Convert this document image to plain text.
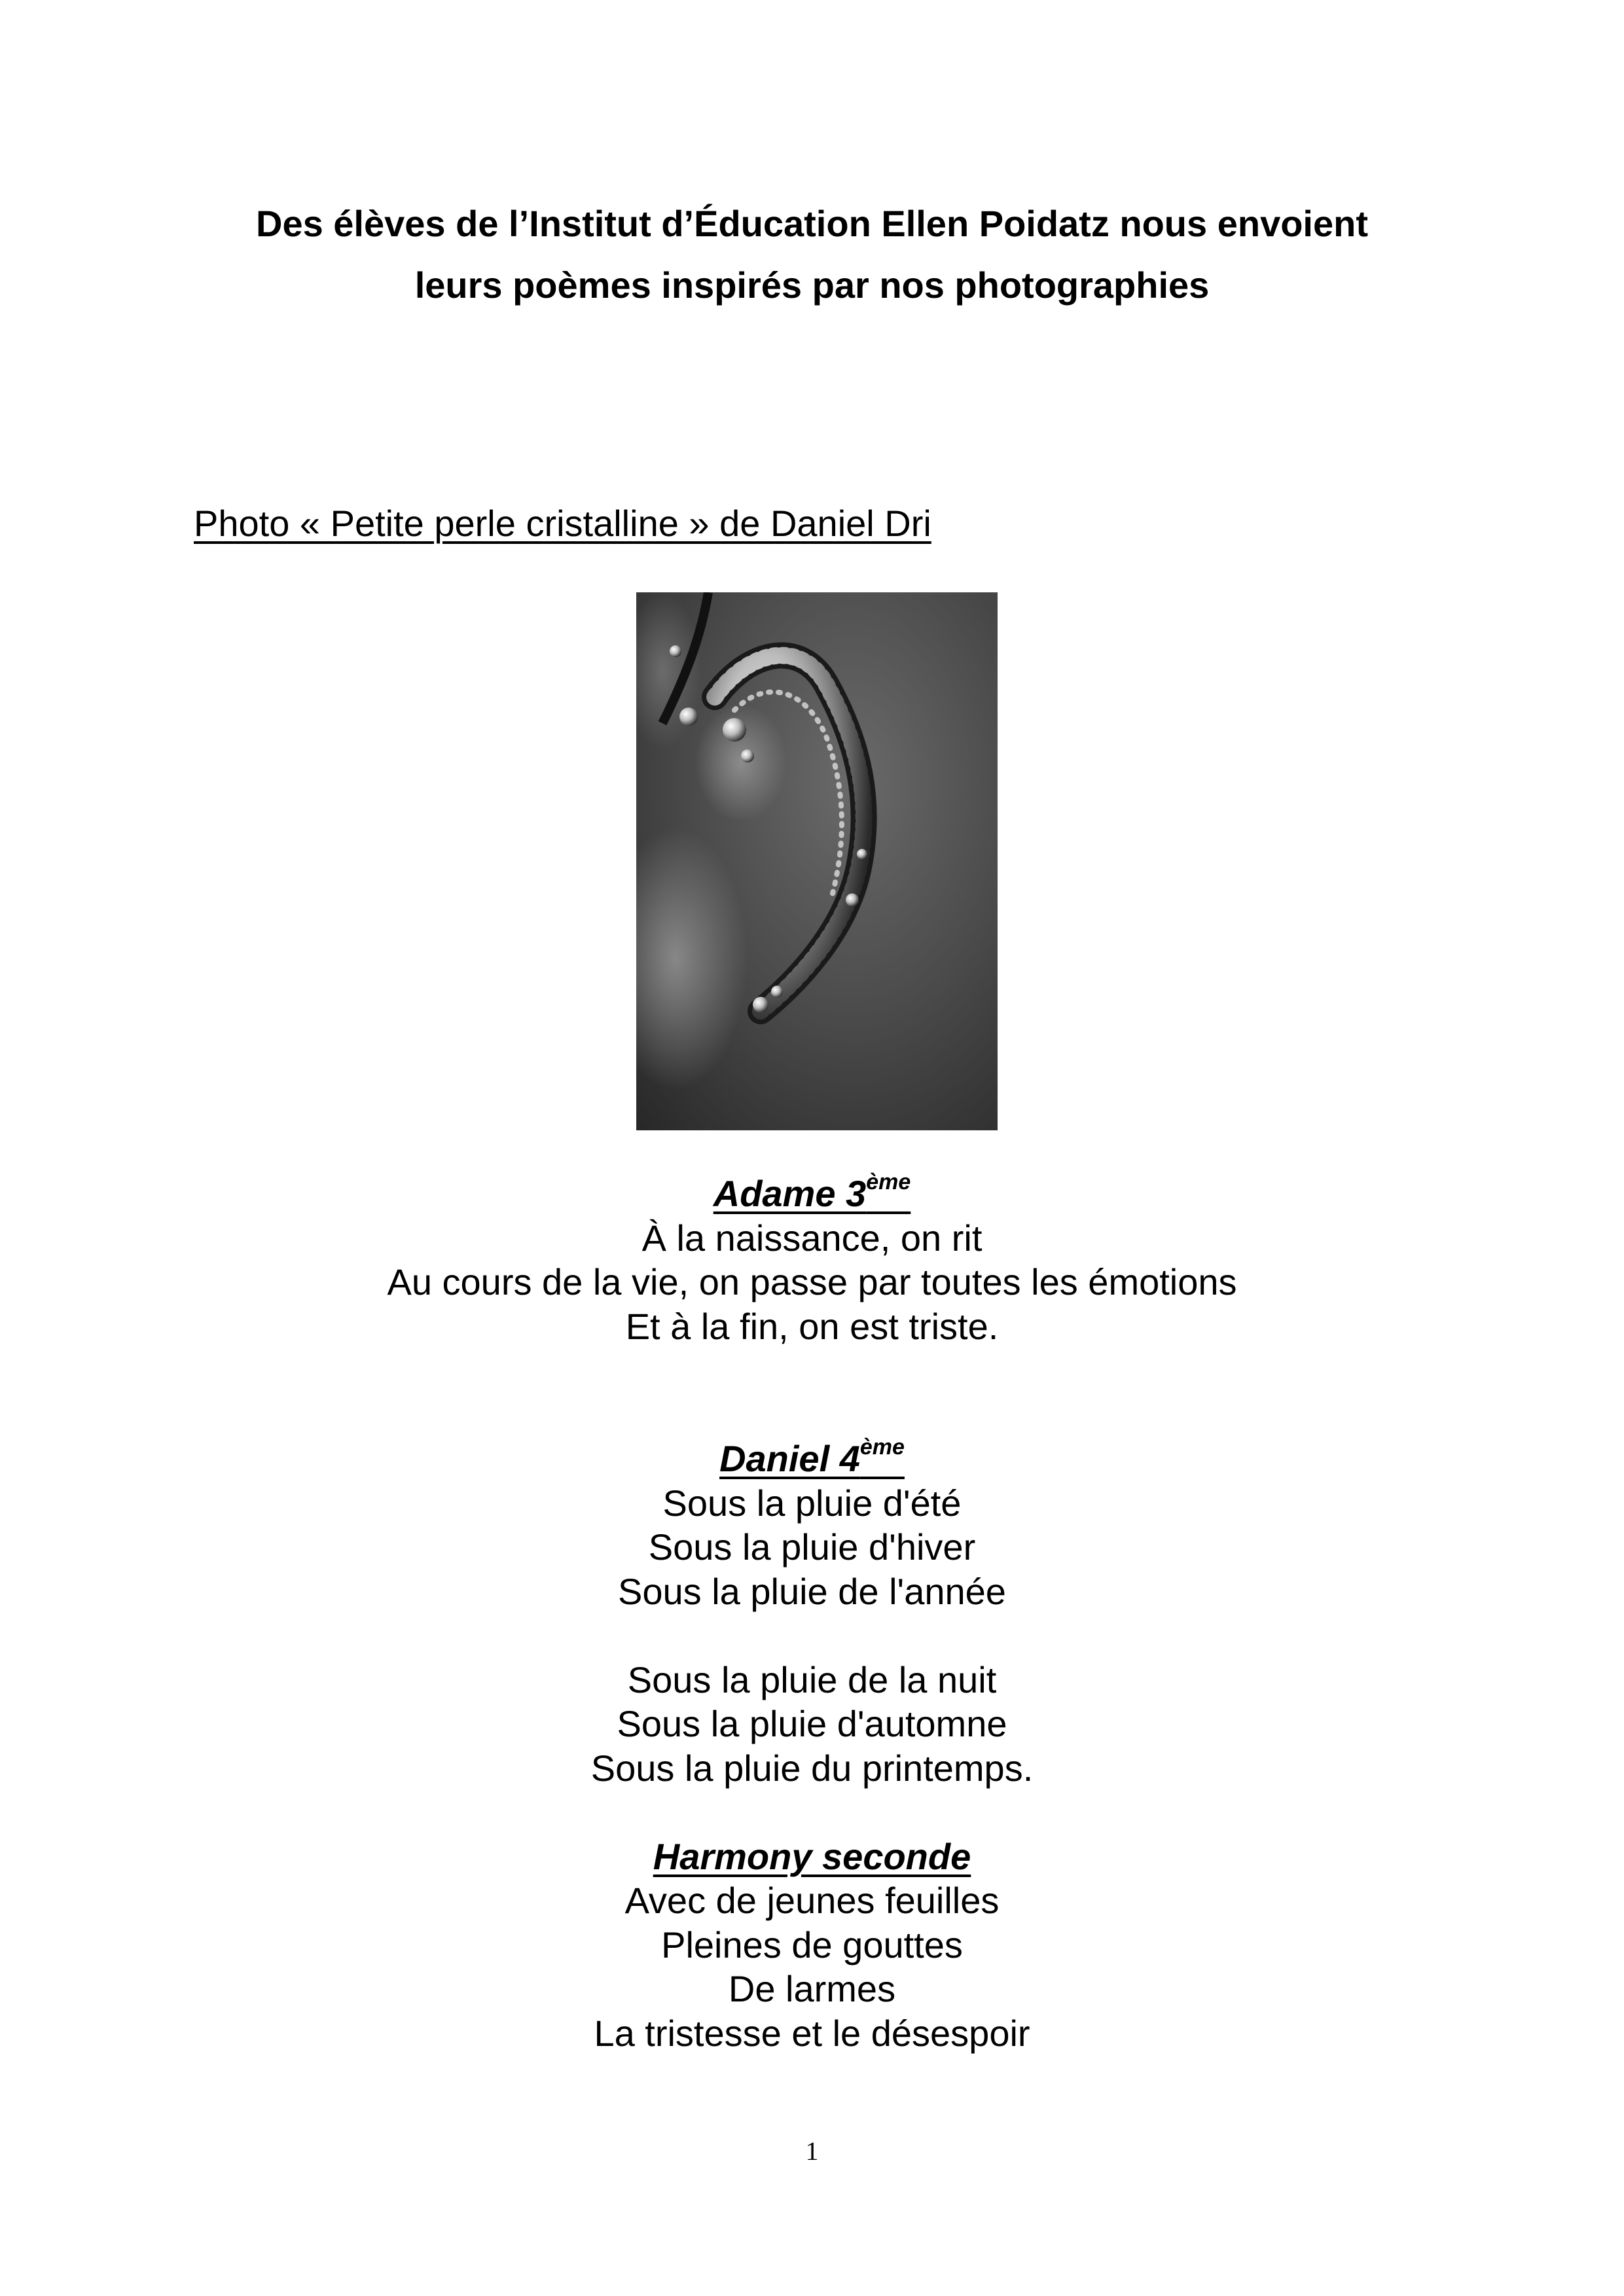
Des élèves de l’Institut d’Éducation Ellen Poidatz nous envoient
leurs poèmes inspirés par nos photographies
Photo « Petite perle cristalline » de Daniel Dri
Adame 3ème
À la naissance, on rit
Au cours de la vie, on passe par toutes les émotions
Et à la fin, on est triste.
Daniel 4ème
Sous la pluie d'été
Sous la pluie d'hiver
Sous la pluie de l'année
Sous la pluie de la nuit
Sous la pluie d'automne
Sous la pluie du printemps.
Harmony seconde
Avec de jeunes feuilles
Pleines de gouttes
De larmes
La tristesse et le désespoir
1
